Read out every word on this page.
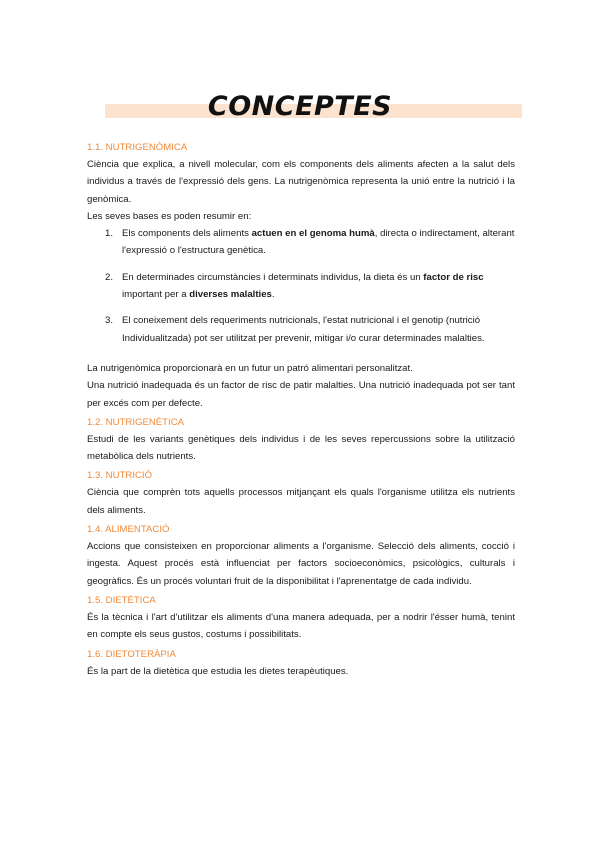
CONCEPTES
1.1. NUTRIGENÒMICA

Ciència que explica, a nivell molecular, com els components dels aliments afecten a la salut dels individus a través de l'expressió dels gens. La nutrigenòmica representa la unió entre la nutrició i la genòmica.

Les seves bases es poden resumir en:

1. Els components dels aliments actuen en el genoma humà, directa o indirectament, alterant l'expressió o l'estructura genètica.
2. En determinades circumstàncies i determinats individus, la dieta és un factor de risc important per a diverses malalties.
3. El coneixement dels requeriments nutricionals, l'estat nutricional i el genotip (nutrició Individualitzada) pot ser utilitzat per prevenir, mitigar i/o curar determinades malalties.

La nutrigenòmica proporcionarà en un futur un patró alimentari personalitzat.

Una nutrició inadequada és un factor de risc de patir malalties. Una nutrició inadequada pot ser tant per excés com per defecte.

1.2. NUTRIGENÈTICA

Estudi de les variants genètiques dels individus i de les seves repercussions sobre la utilització metabòlica dels nutrients.

1.3. NUTRICIÓ

Ciència que comprèn tots aquells processos mitjançant els quals l'organisme utilitza els nutrients dels aliments.

1.4. ALIMENTACIÓ

Accions que consisteixen en proporcionar aliments a l'organisme. Selecció dels aliments, cocció i ingesta. Aquest procés està influenciat per factors socioeconòmics, psicològics, culturals i geogràfics. És un procés voluntari fruit de la disponibilitat i l'aprenentatge de cada individu.

1.5. DIETÈTICA

És la tècnica i l'art d'utilitzar els aliments d'una manera adequada, per a nodrir l'ésser humà, tenint en compte els seus gustos, costums i possibilitats.

1.6. DIETOTERÀPIA

És la part de la dietètica que estudia les dietes terapèutiques.
